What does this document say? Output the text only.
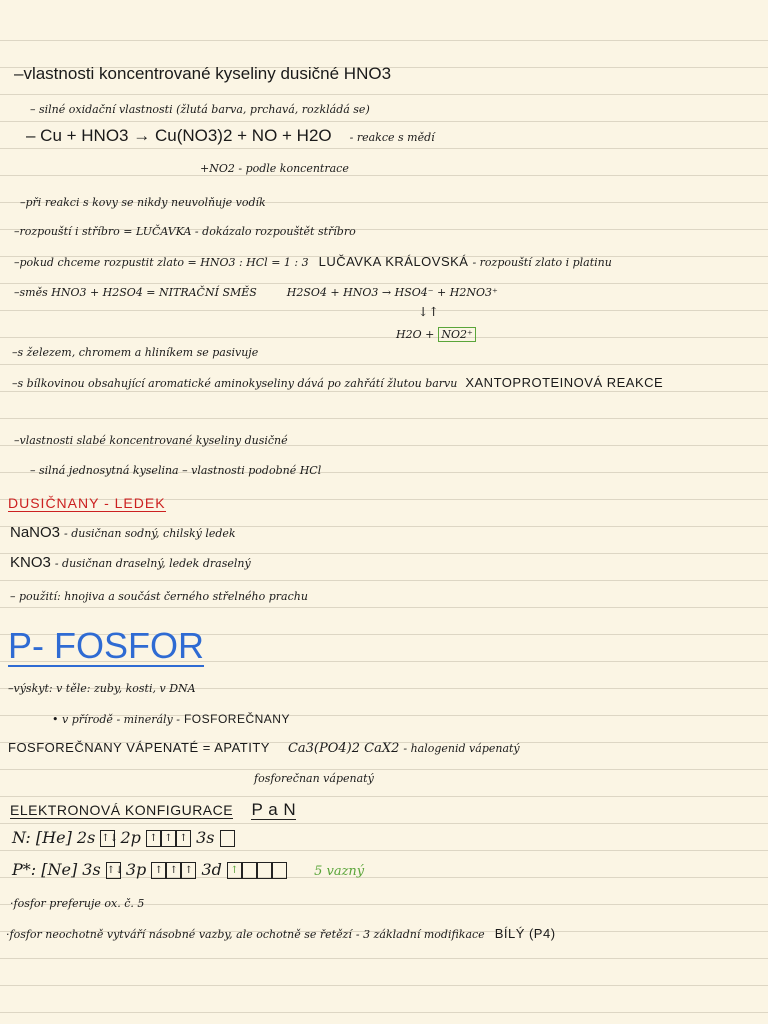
–vlastnosti koncentrované kyseliny dusičné HNO3
– silné oxidační vlastnosti (žlutá barva, prchavá, rozkládá se)
– Cu + HNO3 → Cu(NO3)2 + NO + H2O - reakce s mědí
+NO2 - podle koncentrace
–při reakci s kovy se nikdy neuvolňuje vodík
–rozpouští i stříbro = LUČAVKA - dokázalo rozpouštět stříbro
–pokud chceme rozpustit zlato = HNO3 : HCl = 1 : 3 LUČAVKA KRÁLOVSKÁ - rozpouští zlato i platinu
–směs HNO3 + H2SO4 = NITRAČNÍ SMĚS	H2SO4 + HNO3 → HSO4⁻ + H2NO3⁺
↓↑
H2O + NO2⁺
–s železem, chromem a hliníkem se pasivuje
–s bílkovinou obsahující aromatické aminokyseliny dává po zahřátí žlutou barvu XANTOPROTEINOVÁ REAKCE
–vlastnosti slabé koncentrované kyseliny dusičné
– silná jednosytná kyselina – vlastnosti podobné HCl
DUSIČNANY - LEDEK
NaNO3 - dusičnan sodný, chilský ledek
KNO3 - dusičnan draselný, ledek draselný
– použití: hnojiva a součást černého střelného prachu
P- FOSFOR
–výskyt: v těle: zuby, kosti, v DNA
• v přírodě - minerály - FOSFOREČNANY
FOSFOREČNANY VÁPENATÉ = APATITY Ca3(PO4)2 CaX2 - halogenid vápenatý
fosforečnan vápenatý
ELEKTRONOVÁ KONFIGURACE P a N
N: [He] 2s ↑↓ 2p ↑ ↑ ↑ 3s
P*: [Ne] 3s ↑↓ 3p ↑ ↑ ↑ 3d ↑	5 vazný
·fosfor preferuje ox. č. 5
·fosfor neochotně vytváří násobné vazby, ale ochotně se řetězí - 3 základní modifikace BÍLÝ (P4)
